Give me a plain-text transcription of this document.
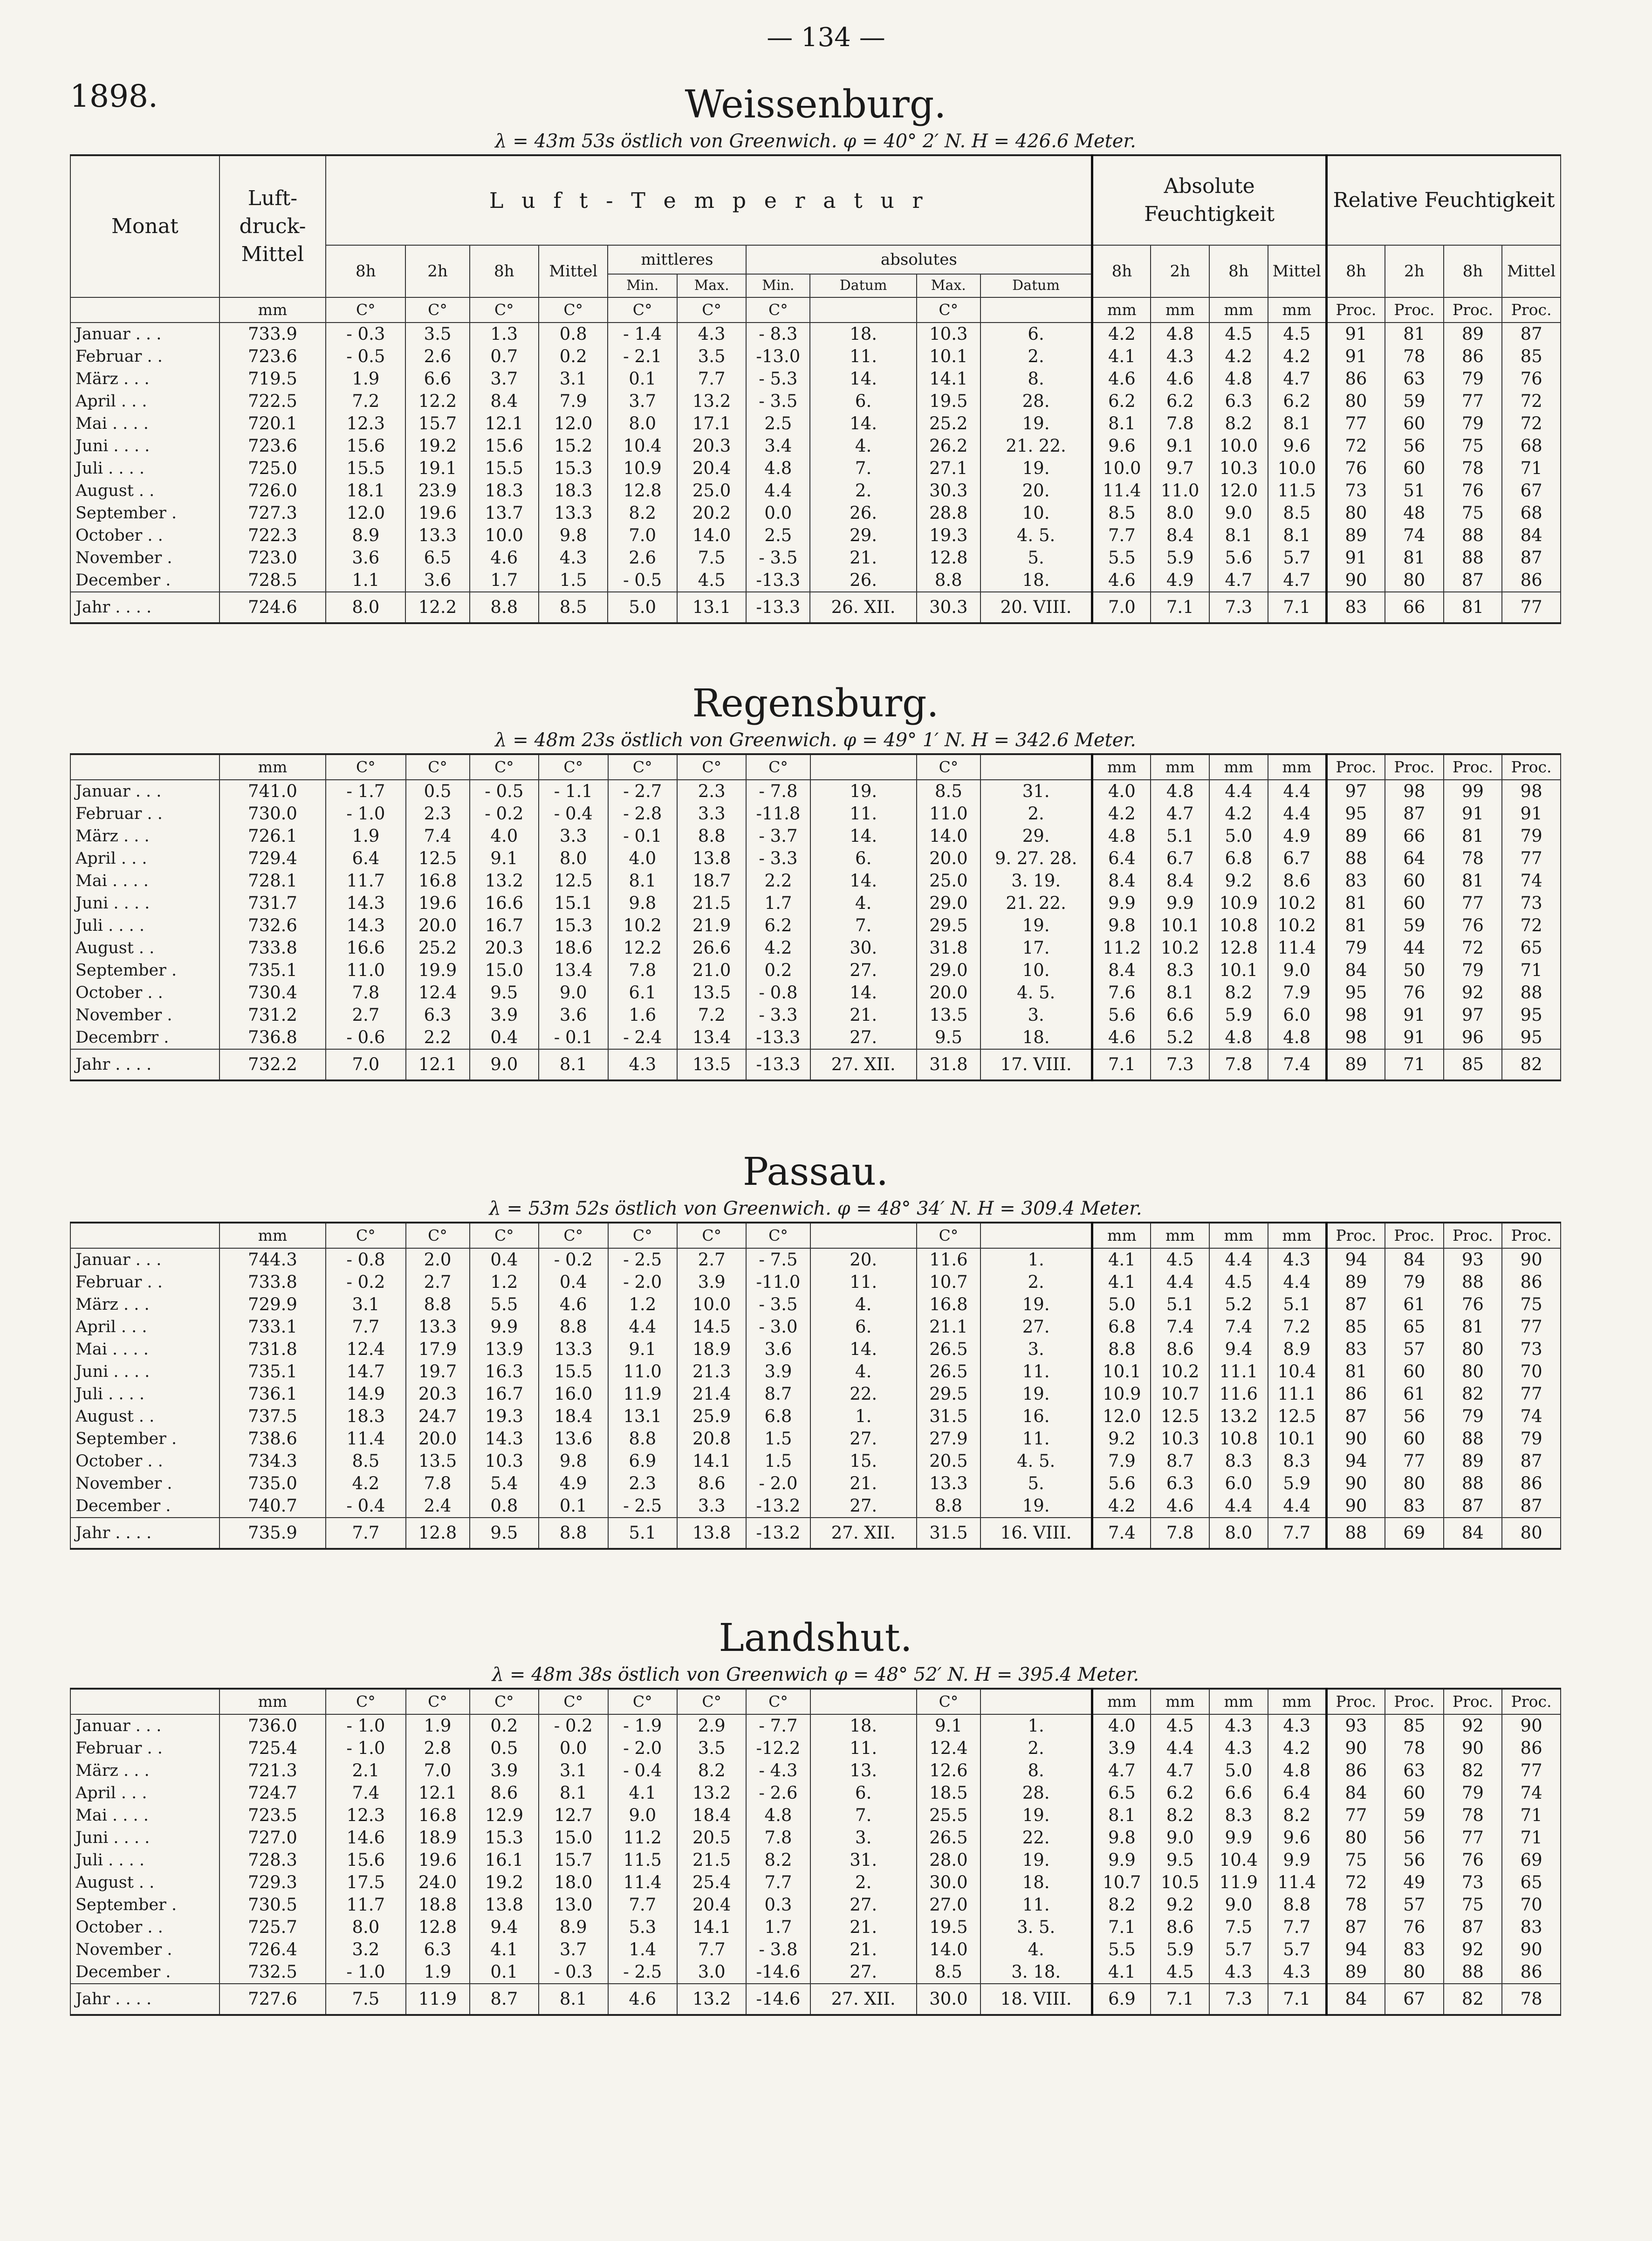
— 134 —
1898.	Weissenburg.
λ = 43m 53s östlich von Greenwich. φ = 40° 2′ N. H = 426.6 Meter.
Monat	Luft-druck-Mittel	L u f t - T e m p e r a t u r										Absolute Feuchtigkeit				Relative Feuchtigkeit			
		8h	2h	8h	Mittel	mittleres		absolutes				8h	2h	8h	Mittel	8h	2h	8h	Mittel
						Min.	Max.	Min.	Datum	Max.	Datum								
	mm	C°	C°	C°	C°	C°	C°	C°		C°		mm	mm	mm	mm	Proc.	Proc.	Proc.	Proc.
Januar . . .	733.9	- 0.3	3.5	1.3	0.8	- 1.4	4.3	- 8.3	18.	10.3	6.	4.2	4.8	4.5	4.5	91	81	89	87
Februar . .	723.6	- 0.5	2.6	0.7	0.2	- 2.1	3.5	-13.0	11.	10.1	2.	4.1	4.3	4.2	4.2	91	78	86	85
März . . .	719.5	1.9	6.6	3.7	3.1	0.1	7.7	- 5.3	14.	14.1	8.	4.6	4.6	4.8	4.7	86	63	79	76
April . . .	722.5	7.2	12.2	8.4	7.9	3.7	13.2	- 3.5	6.	19.5	28.	6.2	6.2	6.3	6.2	80	59	77	72
Mai . . . .	720.1	12.3	15.7	12.1	12.0	8.0	17.1	2.5	14.	25.2	19.	8.1	7.8	8.2	8.1	77	60	79	72
Juni . . . .	723.6	15.6	19.2	15.6	15.2	10.4	20.3	3.4	4.	26.2	21. 22.	9.6	9.1	10.0	9.6	72	56	75	68
Juli . . . .	725.0	15.5	19.1	15.5	15.3	10.9	20.4	4.8	7.	27.1	19.	10.0	9.7	10.3	10.0	76	60	78	71
August . .	726.0	18.1	23.9	18.3	18.3	12.8	25.0	4.4	2.	30.3	20.	11.4	11.0	12.0	11.5	73	51	76	67
September .	727.3	12.0	19.6	13.7	13.3	8.2	20.2	0.0	26.	28.8	10.	8.5	8.0	9.0	8.5	80	48	75	68
October . .	722.3	8.9	13.3	10.0	9.8	7.0	14.0	2.5	29.	19.3	4. 5.	7.7	8.4	8.1	8.1	89	74	88	84
November .	723.0	3.6	6.5	4.6	4.3	2.6	7.5	- 3.5	21.	12.8	5.	5.5	5.9	5.6	5.7	91	81	88	87
December .	728.5	1.1	3.6	1.7	1.5	- 0.5	4.5	-13.3	26.	8.8	18.	4.6	4.9	4.7	4.7	90	80	87	86
Jahr . . . .	724.6	8.0	12.2	8.8	8.5	5.0	13.1	-13.3	26. XII.	30.3	20. VIII.	7.0	7.1	7.3	7.1	83	66	81	77
Regensburg.
λ = 48m 23s östlich von Greenwich. φ = 49° 1′ N. H = 342.6 Meter.
	mm	C°	C°	C°	C°	C°	C°	C°		C°		mm	mm	mm	mm	Proc.	Proc.	Proc.	Proc.
Januar . . .	741.0	- 1.7	0.5	- 0.5	- 1.1	- 2.7	2.3	- 7.8	19.	8.5	31.	4.0	4.8	4.4	4.4	97	98	99	98
Februar . .	730.0	- 1.0	2.3	- 0.2	- 0.4	- 2.8	3.3	-11.8	11.	11.0	2.	4.2	4.7	4.2	4.4	95	87	91	91
März . . .	726.1	1.9	7.4	4.0	3.3	- 0.1	8.8	- 3.7	14.	14.0	29.	4.8	5.1	5.0	4.9	89	66	81	79
April . . .	729.4	6.4	12.5	9.1	8.0	4.0	13.8	- 3.3	6.	20.0	9. 27. 28.	6.4	6.7	6.8	6.7	88	64	78	77
Mai . . . .	728.1	11.7	16.8	13.2	12.5	8.1	18.7	2.2	14.	25.0	3. 19.	8.4	8.4	9.2	8.6	83	60	81	74
Juni . . . .	731.7	14.3	19.6	16.6	15.1	9.8	21.5	1.7	4.	29.0	21. 22.	9.9	9.9	10.9	10.2	81	60	77	73
Juli . . . .	732.6	14.3	20.0	16.7	15.3	10.2	21.9	6.2	7.	29.5	19.	9.8	10.1	10.8	10.2	81	59	76	72
August . .	733.8	16.6	25.2	20.3	18.6	12.2	26.6	4.2	30.	31.8	17.	11.2	10.2	12.8	11.4	79	44	72	65
September .	735.1	11.0	19.9	15.0	13.4	7.8	21.0	0.2	27.	29.0	10.	8.4	8.3	10.1	9.0	84	50	79	71
October . .	730.4	7.8	12.4	9.5	9.0	6.1	13.5	- 0.8	14.	20.0	4. 5.	7.6	8.1	8.2	7.9	95	76	92	88
November .	731.2	2.7	6.3	3.9	3.6	1.6	7.2	- 3.3	21.	13.5	3.	5.6	6.6	5.9	6.0	98	91	97	95
Decembrr .	736.8	- 0.6	2.2	0.4	- 0.1	- 2.4	13.4	-13.3	27.	9.5	18.	4.6	5.2	4.8	4.8	98	91	96	95
Jahr . . . .	732.2	7.0	12.1	9.0	8.1	4.3	13.5	-13.3	27. XII.	31.8	17. VIII.	7.1	7.3	7.8	7.4	89	71	85	82
Passau.
λ = 53m 52s östlich von Greenwich. φ = 48° 34′ N. H = 309.4 Meter.
	mm	C°	C°	C°	C°	C°	C°	C°		C°		mm	mm	mm	mm	Proc.	Proc.	Proc.	Proc.
Januar . . .	744.3	- 0.8	2.0	0.4	- 0.2	- 2.5	2.7	- 7.5	20.	11.6	1.	4.1	4.5	4.4	4.3	94	84	93	90
Februar . .	733.8	- 0.2	2.7	1.2	0.4	- 2.0	3.9	-11.0	11.	10.7	2.	4.1	4.4	4.5	4.4	89	79	88	86
März . . .	729.9	3.1	8.8	5.5	4.6	1.2	10.0	- 3.5	4.	16.8	19.	5.0	5.1	5.2	5.1	87	61	76	75
April . . .	733.1	7.7	13.3	9.9	8.8	4.4	14.5	- 3.0	6.	21.1	27.	6.8	7.4	7.4	7.2	85	65	81	77
Mai . . . .	731.8	12.4	17.9	13.9	13.3	9.1	18.9	3.6	14.	26.5	3.	8.8	8.6	9.4	8.9	83	57	80	73
Juni . . . .	735.1	14.7	19.7	16.3	15.5	11.0	21.3	3.9	4.	26.5	11.	10.1	10.2	11.1	10.4	81	60	80	70
Juli . . . .	736.1	14.9	20.3	16.7	16.0	11.9	21.4	8.7	22.	29.5	19.	10.9	10.7	11.6	11.1	86	61	82	77
August . .	737.5	18.3	24.7	19.3	18.4	13.1	25.9	6.8	1.	31.5	16.	12.0	12.5	13.2	12.5	87	56	79	74
September .	738.6	11.4	20.0	14.3	13.6	8.8	20.8	1.5	27.	27.9	11.	9.2	10.3	10.8	10.1	90	60	88	79
October . .	734.3	8.5	13.5	10.3	9.8	6.9	14.1	1.5	15.	20.5	4. 5.	7.9	8.7	8.3	8.3	94	77	89	87
November .	735.0	4.2	7.8	5.4	4.9	2.3	8.6	- 2.0	21.	13.3	5.	5.6	6.3	6.0	5.9	90	80	88	86
December .	740.7	- 0.4	2.4	0.8	0.1	- 2.5	3.3	-13.2	27.	8.8	19.	4.2	4.6	4.4	4.4	90	83	87	87
Jahr . . . .	735.9	7.7	12.8	9.5	8.8	5.1	13.8	-13.2	27. XII.	31.5	16. VIII.	7.4	7.8	8.0	7.7	88	69	84	80
Landshut.
λ = 48m 38s östlich von Greenwich φ = 48° 52′ N. H = 395.4 Meter.
	mm	C°	C°	C°	C°	C°	C°	C°		C°		mm	mm	mm	mm	Proc.	Proc.	Proc.	Proc.
Januar . . .	736.0	- 1.0	1.9	0.2	- 0.2	- 1.9	2.9	- 7.7	18.	9.1	1.	4.0	4.5	4.3	4.3	93	85	92	90
Februar . .	725.4	- 1.0	2.8	0.5	0.0	- 2.0	3.5	-12.2	11.	12.4	2.	3.9	4.4	4.3	4.2	90	78	90	86
März . . .	721.3	2.1	7.0	3.9	3.1	- 0.4	8.2	- 4.3	13.	12.6	8.	4.7	4.7	5.0	4.8	86	63	82	77
April . . .	724.7	7.4	12.1	8.6	8.1	4.1	13.2	- 2.6	6.	18.5	28.	6.5	6.2	6.6	6.4	84	60	79	74
Mai . . . .	723.5	12.3	16.8	12.9	12.7	9.0	18.4	4.8	7.	25.5	19.	8.1	8.2	8.3	8.2	77	59	78	71
Juni . . . .	727.0	14.6	18.9	15.3	15.0	11.2	20.5	7.8	3.	26.5	22.	9.8	9.0	9.9	9.6	80	56	77	71
Juli . . . .	728.3	15.6	19.6	16.1	15.7	11.5	21.5	8.2	31.	28.0	19.	9.9	9.5	10.4	9.9	75	56	76	69
August . .	729.3	17.5	24.0	19.2	18.0	11.4	25.4	7.7	2.	30.0	18.	10.7	10.5	11.9	11.4	72	49	73	65
September .	730.5	11.7	18.8	13.8	13.0	7.7	20.4	0.3	27.	27.0	11.	8.2	9.2	9.0	8.8	78	57	75	70
October . .	725.7	8.0	12.8	9.4	8.9	5.3	14.1	1.7	21.	19.5	3. 5.	7.1	8.6	7.5	7.7	87	76	87	83
November .	726.4	3.2	6.3	4.1	3.7	1.4	7.7	- 3.8	21.	14.0	4.	5.5	5.9	5.7	5.7	94	83	92	90
December .	732.5	- 1.0	1.9	0.1	- 0.3	- 2.5	3.0	-14.6	27.	8.5	3. 18.	4.1	4.5	4.3	4.3	89	80	88	86
Jahr . . . .	727.6	7.5	11.9	8.7	8.1	4.6	13.2	-14.6	27. XII.	30.0	18. VIII.	6.9	7.1	7.3	7.1	84	67	82	78
